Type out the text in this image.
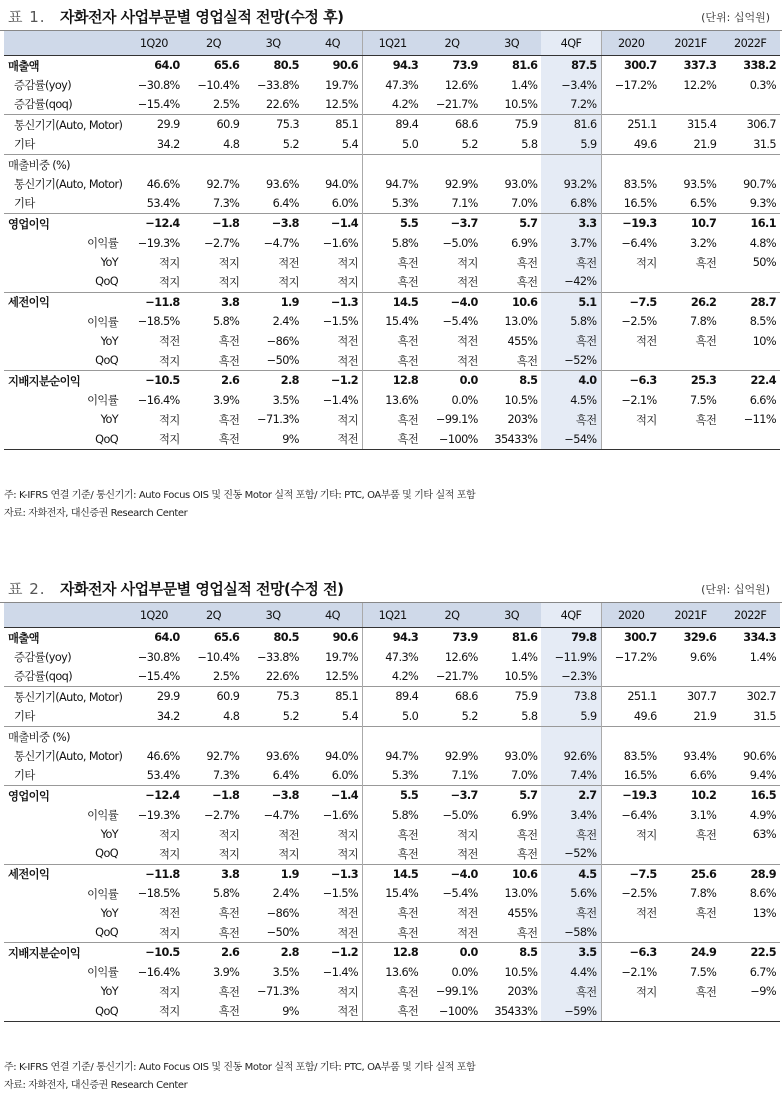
표 1. 자화전자 사업부문별 영업실적 전망(수정 후)	(단위: 십억원)
	1Q20	2Q	3Q	4Q	1Q21	2Q	3Q	4QF	2020	2021F	2022F
매출액	64.0	65.6	80.5	90.6	94.3	73.9	81.6	87.5	300.7	337.3	338.2
증감률(yoy)	−30.8%	−10.4%	−33.8%	19.7%	47.3%	12.6%	1.4%	−3.4%	−17.2%	12.2%	0.3%
증감률(qoq)	−15.4%	2.5%	22.6%	12.5%	4.2%	−21.7%	10.5%	7.2%			
통신기기(Auto, Motor)	29.9	60.9	75.3	85.1	89.4	68.6	75.9	81.6	251.1	315.4	306.7
기타	34.2	4.8	5.2	5.4	5.0	5.2	5.8	5.9	49.6	21.9	31.5
매출비중 (%)											
통신기기(Auto, Motor)	46.6%	92.7%	93.6%	94.0%	94.7%	92.9%	93.0%	93.2%	83.5%	93.5%	90.7%
기타	53.4%	7.3%	6.4%	6.0%	5.3%	7.1%	7.0%	6.8%	16.5%	6.5%	9.3%
영업이익	−12.4	−1.8	−3.8	−1.4	5.5	−3.7	5.7	3.3	−19.3	10.7	16.1
이익률	−19.3%	−2.7%	−4.7%	−1.6%	5.8%	−5.0%	6.9%	3.7%	−6.4%	3.2%	4.8%
YoY	적지	적지	적전	적지	흑전	적지	흑전	흑전	적지	흑전	50%
QoQ	적지	적지	적지	적지	흑전	적전	흑전	−42%			
세전이익	−11.8	3.8	1.9	−1.3	14.5	−4.0	10.6	5.1	−7.5	26.2	28.7
이익률	−18.5%	5.8%	2.4%	−1.5%	15.4%	−5.4%	13.0%	5.8%	−2.5%	7.8%	8.5%
YoY	적전	흑전	−86%	적전	흑전	적전	455%	흑전	적전	흑전	10%
QoQ	적지	흑전	−50%	적전	흑전	적전	흑전	−52%			
지배지분순이익	−10.5	2.6	2.8	−1.2	12.8	0.0	8.5	4.0	−6.3	25.3	22.4
이익률	−16.4%	3.9%	3.5%	−1.4%	13.6%	0.0%	10.5%	4.5%	−2.1%	7.5%	6.6%
YoY	적지	흑전	−71.3%	적지	흑전	−99.1%	203%	흑전	적지	흑전	−11%
QoQ	적지	흑전	9%	적전	흑전	−100%	35433%	−54%			
주: K-IFRS 연결 기준/ 통신기기: Auto Focus OIS 및 진동 Motor 실적 포함/ 기타: PTC, OA부품 및 기타 실적 포함
자료: 자화전자, 대신증권 Research Center
표 2. 자화전자 사업부문별 영업실적 전망(수정 전)	(단위: 십억원)
	1Q20	2Q	3Q	4Q	1Q21	2Q	3Q	4QF	2020	2021F	2022F
매출액	64.0	65.6	80.5	90.6	94.3	73.9	81.6	79.8	300.7	329.6	334.3
증감률(yoy)	−30.8%	−10.4%	−33.8%	19.7%	47.3%	12.6%	1.4%	−11.9%	−17.2%	9.6%	1.4%
증감률(qoq)	−15.4%	2.5%	22.6%	12.5%	4.2%	−21.7%	10.5%	−2.3%			
통신기기(Auto, Motor)	29.9	60.9	75.3	85.1	89.4	68.6	75.9	73.8	251.1	307.7	302.7
기타	34.2	4.8	5.2	5.4	5.0	5.2	5.8	5.9	49.6	21.9	31.5
매출비중 (%)											
통신기기(Auto, Motor)	46.6%	92.7%	93.6%	94.0%	94.7%	92.9%	93.0%	92.6%	83.5%	93.4%	90.6%
기타	53.4%	7.3%	6.4%	6.0%	5.3%	7.1%	7.0%	7.4%	16.5%	6.6%	9.4%
영업이익	−12.4	−1.8	−3.8	−1.4	5.5	−3.7	5.7	2.7	−19.3	10.2	16.5
이익률	−19.3%	−2.7%	−4.7%	−1.6%	5.8%	−5.0%	6.9%	3.4%	−6.4%	3.1%	4.9%
YoY	적지	적지	적전	적지	흑전	적지	흑전	흑전	적지	흑전	63%
QoQ	적지	적지	적지	적지	흑전	적전	흑전	−52%			
세전이익	−11.8	3.8	1.9	−1.3	14.5	−4.0	10.6	4.5	−7.5	25.6	28.9
이익률	−18.5%	5.8%	2.4%	−1.5%	15.4%	−5.4%	13.0%	5.6%	−2.5%	7.8%	8.6%
YoY	적전	흑전	−86%	적전	흑전	적전	455%	흑전	적전	흑전	13%
QoQ	적지	흑전	−50%	적전	흑전	적전	흑전	−58%			
지배지분순이익	−10.5	2.6	2.8	−1.2	12.8	0.0	8.5	3.5	−6.3	24.9	22.5
이익률	−16.4%	3.9%	3.5%	−1.4%	13.6%	0.0%	10.5%	4.4%	−2.1%	7.5%	6.7%
YoY	적지	흑전	−71.3%	적지	흑전	−99.1%	203%	흑전	적지	흑전	−9%
QoQ	적지	흑전	9%	적전	흑전	−100%	35433%	−59%			
주: K-IFRS 연결 기준/ 통신기기: Auto Focus OIS 및 진동 Motor 실적 포함/ 기타: PTC, OA부품 및 기타 실적 포함
자료: 자화전자, 대신증권 Research Center
